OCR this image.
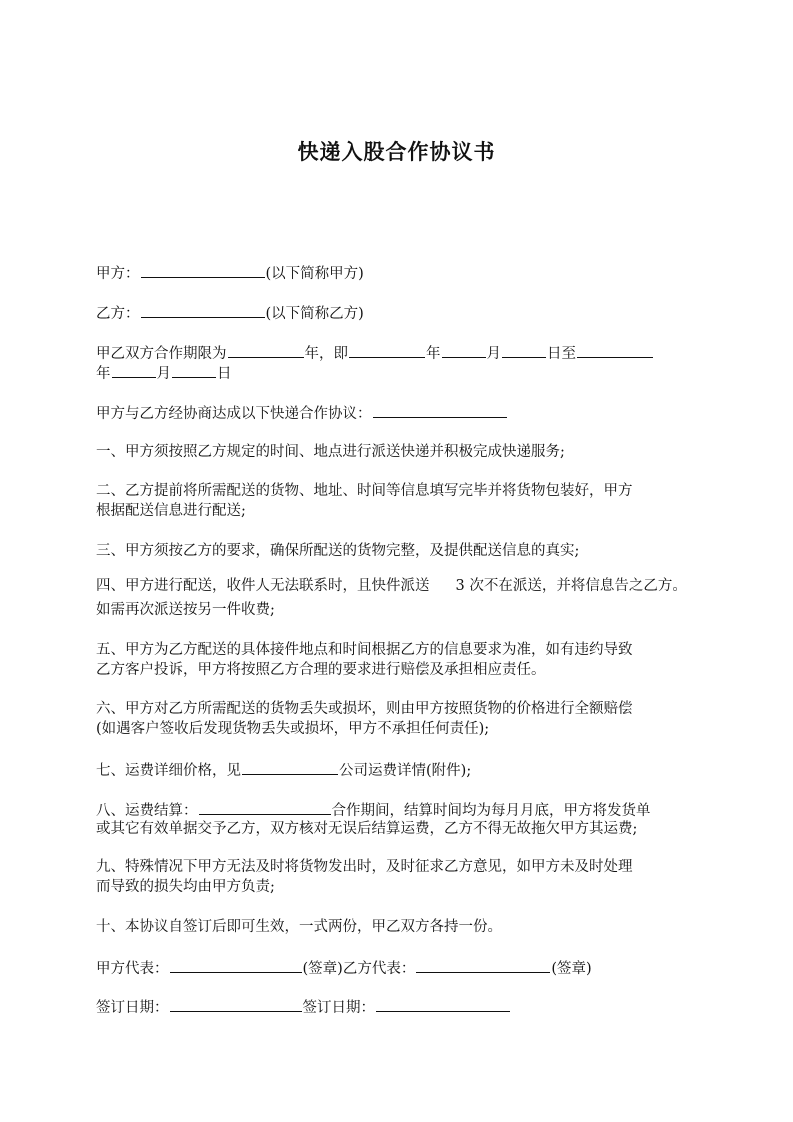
快递入股合作协议书
甲方：	(以下简称甲方)
乙方：	(以下简称乙方)
甲乙双方合作期限为	年，即	年	月	日至
年	月	日
甲方与乙方经协商达成以下快递合作协议：
一、甲方须按照乙方规定的时间、地点进行派送快递并积极完成快递服务;
二、乙方提前将所需配送的货物、地址、时间等信息填写完毕并将货物包装好，甲方
根据配送信息进行配送;
三、甲方须按乙方的要求，确保所配送的货物完整，及提供配送信息的真实;
四、甲方进行配送，收件人无法联系时，且快件派送 3 次不在派送，并将信息告之乙方。
如需再次派送按另一件收费;
五、甲方为乙方配送的具体接件地点和时间根据乙方的信息要求为准，如有违约导致
乙方客户投诉，甲方将按照乙方合理的要求进行赔偿及承担相应责任。
六、甲方对乙方所需配送的货物丢失或损坏，则由甲方按照货物的价格进行全额赔偿
(如遇客户签收后发现货物丢失或损坏，甲方不承担任何责任);
七、运费详细价格，见	公司运费详情(附件);
八、运费结算：	合作期间，结算时间均为每月月底，甲方将发货单
或其它有效单据交予乙方，双方核对无误后结算运费，乙方不得无故拖欠甲方其运费;
九、特殊情况下甲方无法及时将货物发出时，及时征求乙方意见，如甲方未及时处理
而导致的损失均由甲方负责;
十、本协议自签订后即可生效，一式两份，甲乙双方各持一份。
甲方代表：	(签章)乙方代表：	(签章)
签订日期：	签订日期：
